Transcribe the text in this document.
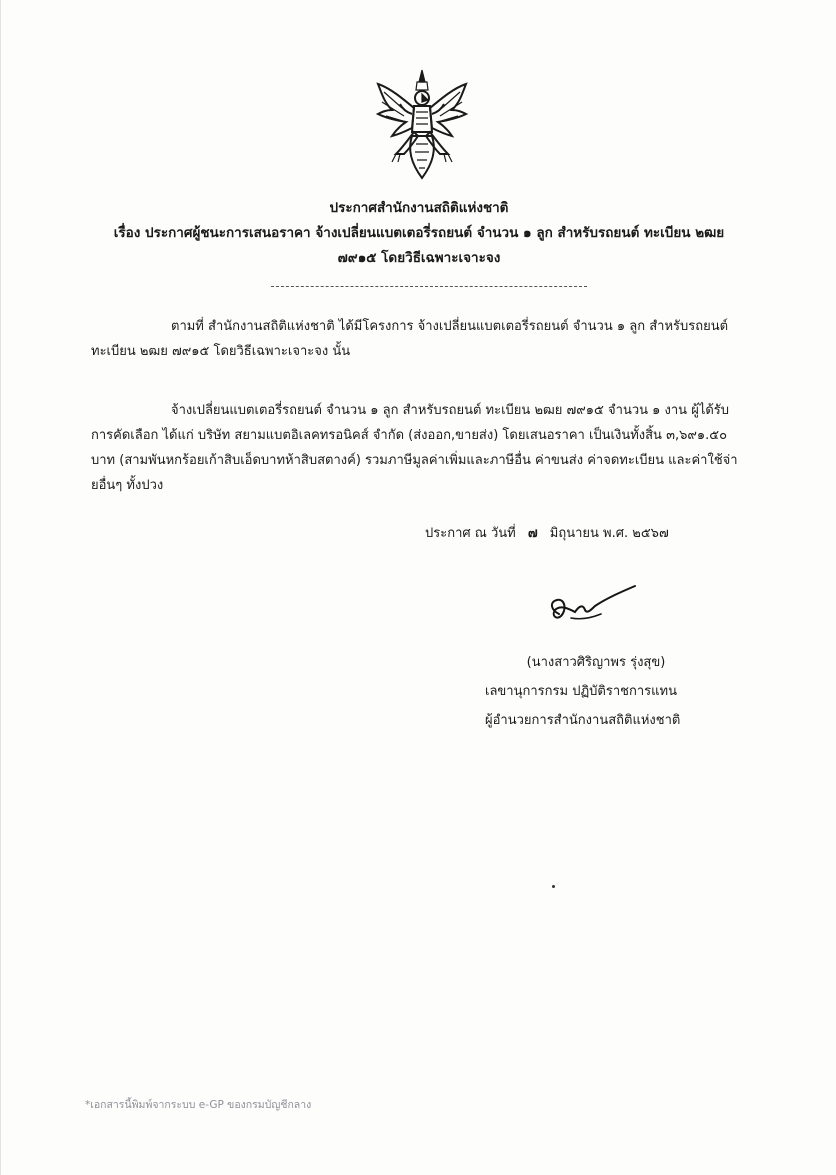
ประกาศสำนักงานสถิติแห่งชาติ
เรื่อง ประกาศผู้ชนะการเสนอราคา จ้างเปลี่ยนแบตเตอรี่รถยนต์ จำนวน ๑ ลูก สำหรับรถยนต์ ทะเบียน ๒ฒย
๗๙๑๕ โดยวิธีเฉพาะเจาะจง
ตามที่ สำนักงานสถิติแห่งชาติ ได้มีโครงการ จ้างเปลี่ยนแบตเตอรี่รถยนต์ จำนวน ๑ ลูก สำหรับรถยนต์ ทะเบียน ๒ฒย ๗๙๑๕ โดยวิธีเฉพาะเจาะจง นั้น
จ้างเปลี่ยนแบตเตอรี่รถยนต์ จำนวน ๑ ลูก สำหรับรถยนต์ ทะเบียน ๒ฒย ๗๙๑๕ จำนวน ๑ งาน ผู้ได้รับการคัดเลือก ได้แก่ บริษัท สยามแบตอิเลคทรอนิคส์ จำกัด (ส่งออก,ขายส่ง) โดยเสนอราคา เป็นเงินทั้งสิ้น ๓,๖๙๑.๕๐ บาท (สามพันหกร้อยเก้าสิบเอ็ดบาทห้าสิบสตางค์) รวมภาษีมูลค่าเพิ่มและภาษีอื่น ค่าขนส่ง ค่าจดทะเบียน และค่าใช้จ่ายอื่นๆ ทั้งปวง
ประกาศ ณ วันที่ ๗ มิถุนายน พ.ศ. ๒๕๖๗
(นางสาวศิริญาพร รุ่งสุข)
เลขานุการกรม ปฏิบัติราชการแทน
ผู้อำนวยการสำนักงานสถิติแห่งชาติ
*เอกสารนี้พิมพ์จากระบบ e-GP ของกรมบัญชีกลาง
